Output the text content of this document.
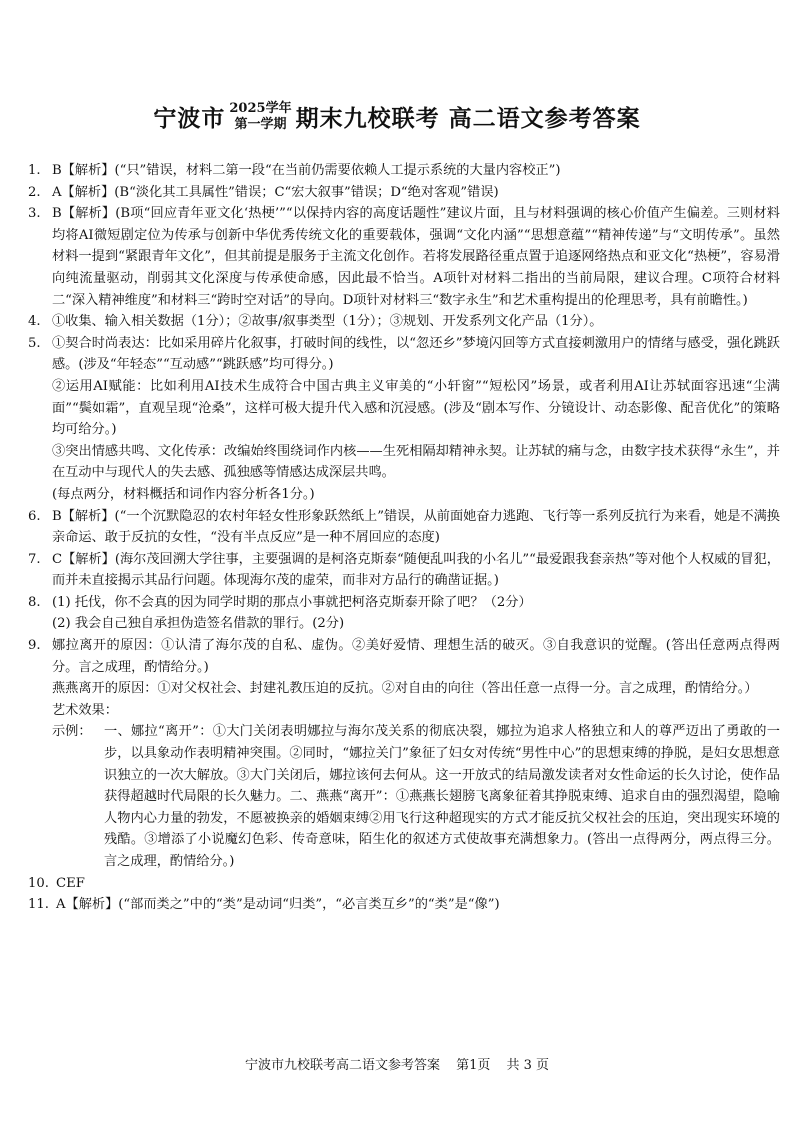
宁波市 2025学年
第一学期 期末九校联考 高二语文参考答案
1. B【解析】(“只”错误，材料二第一段“在当前仍需要依赖人工提示系统的大量内容校正”)
2. A【解析】(B“淡化其工具属性”错误；C“宏大叙事”错误；D“绝对客观”错误)
3. B【解析】(B项“回应青年亚文化‘热梗’”“以保持内容的高度话题性”建议片面，且与材料强调的核心价值产生偏差。三则材料均将AI微短剧定位为传承与创新中华优秀传统文化的重要载体，强调“文化内涵”“思想意蕴”“精神传递”与“文明传承”。虽然材料一提到“紧跟青年文化”，但其前提是服务于主流文化创作。若将发展路径重点置于追逐网络热点和亚文化“热梗”，容易滑向纯流量驱动，削弱其文化深度与传承使命感，因此最不恰当。A项针对材料二指出的当前局限，建议合理。C项符合材料二“深入精神维度”和材料三“跨时空对话”的导向。D项针对材料三“数字永生”和艺术重构提出的伦理思考，具有前瞻性。)
4. ①收集、输入相关数据（1分）；②故事/叙事类型（1分）；③规划、开发系列文化产品（1分）。
5. ①契合时尚表达：比如采用碎片化叙事，打破时间的线性，以“忽还乡”梦境闪回等方式直接刺激用户的情绪与感受，强化跳跃感。(涉及“年轻态”“互动感”“跳跃感”均可得分。)
②运用AI赋能：比如利用AI技术生成符合中国古典主义审美的“小轩窗”“短松冈”场景，或者利用AI让苏轼面容迅速“尘满面”“鬓如霜”，直观呈现“沧桑”，这样可极大提升代入感和沉浸感。(涉及“剧本写作、分镜设计、动态影像、配音优化”的策略均可给分。)
③突出情感共鸣、文化传承：改编始终围绕词作内核——生死相隔却精神永契。让苏轼的痛与念，由数字技术获得“永生”，并在互动中与现代人的失去感、孤独感等情感达成深层共鸣。
(每点两分，材料概括和词作内容分析各1分。)
6. B【解析】(“一个沉默隐忍的农村年轻女性形象跃然纸上”错误，从前面她奋力逃跑、飞行等一系列反抗行为来看，她是不满换亲命运、敢于反抗的女性，“没有半点反应”是一种不屑回应的态度)
7. C【解析】(海尔茂回溯大学往事，主要强调的是柯洛克斯泰“随便乱叫我的小名儿”“最爱跟我套亲热”等对他个人权威的冒犯，而并未直接揭示其品行问题。体现海尔茂的虚荣，而非对方品行的确凿证据。)
8. (1) 托伐，你不会真的因为同学时期的那点小事就把柯洛克斯泰开除了吧？（2分）
(2) 我会自己独自承担伪造签名借款的罪行。(2分)
9. 娜拉离开的原因：①认清了海尔茂的自私、虚伪。②美好爱情、理想生活的破灭。③自我意识的觉醒。(答出任意两点得两分。言之成理，酌情给分。)
燕燕离开的原因：①对父权社会、封建礼教压迫的反抗。②对自由的向往（答出任意一点得一分。言之成理，酌情给分。）
艺术效果：
示例： 一、娜拉“离开”：①大门关闭表明娜拉与海尔茂关系的彻底决裂，娜拉为追求人格独立和人的尊严迈出了勇敢的一步，以具象动作表明精神突围。②同时，“娜拉关门”象征了妇女对传统“男性中心”的思想束缚的挣脱，是妇女思想意识独立的一次大解放。③大门关闭后，娜拉该何去何从。这一开放式的结局激发读者对女性命运的长久讨论，使作品获得超越时代局限的长久魅力。二、燕燕“离开”：①燕燕长翅膀飞离象征着其挣脱束缚、追求自由的强烈渴望，隐喻人物内心力量的勃发，不愿被换亲的婚姻束缚②用飞行这种超现实的方式才能反抗父权社会的压迫，突出现实环境的残酷。③增添了小说魔幻色彩、传奇意味，陌生化的叙述方式使故事充满想象力。(答出一点得两分，两点得三分。言之成理，酌情给分。)
10. CEF
11. A【解析】(“部而类之”中的“类”是动词“归类”，“必言类互乡”的“类”是“像”)
宁波市九校联考高二语文参考答案 第1页 共 3 页
